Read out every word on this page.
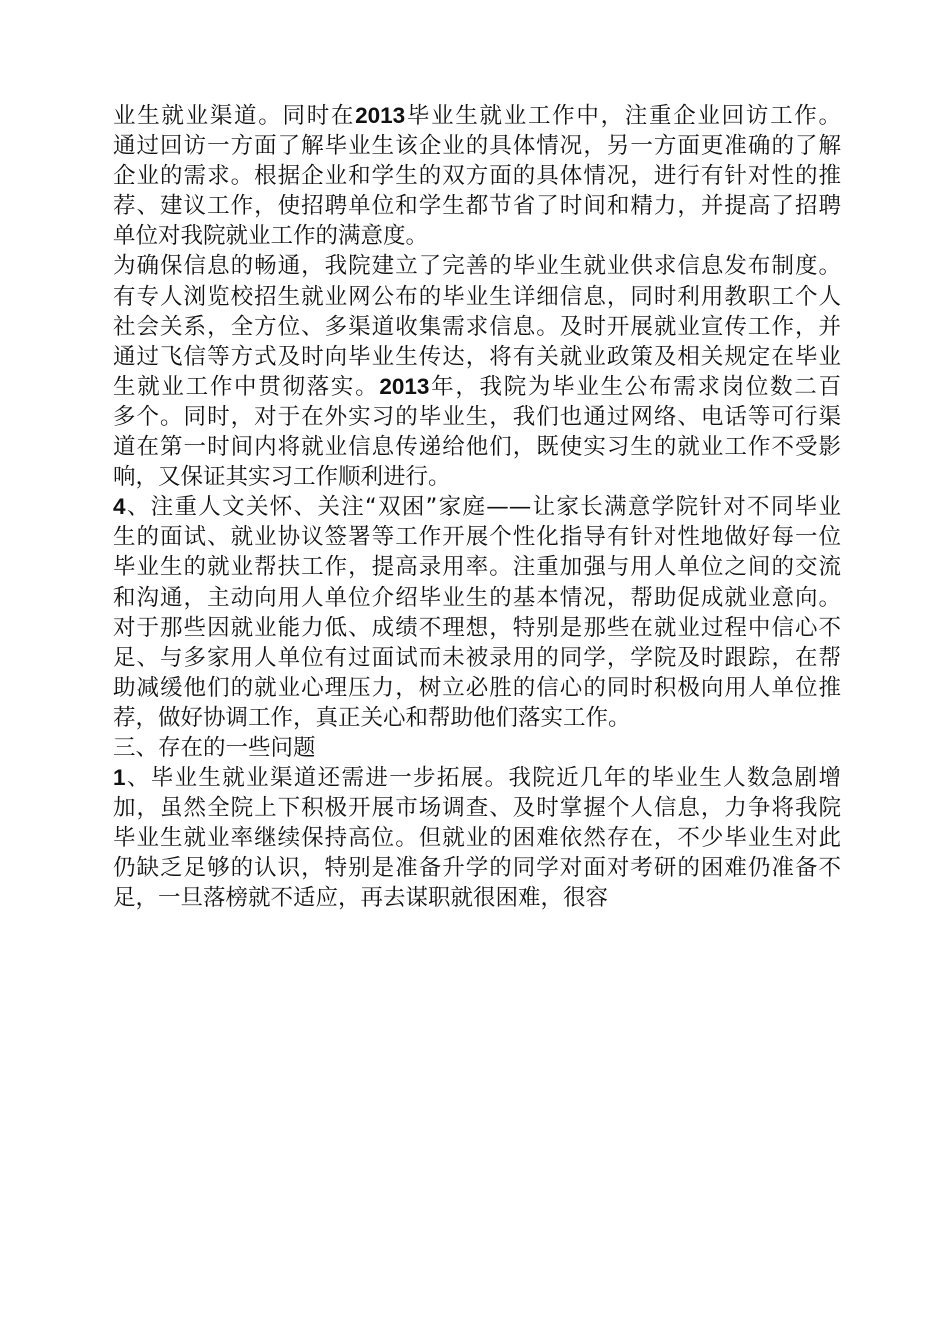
业生就业渠道。同时在2013毕业生就业工作中，注重企业回访工作。
通过回访一方面了解毕业生该企业的具体情况，另一方面更准确的了解
企业的需求。根据企业和学生的双方面的具体情况，进行有针对性的推
荐、建议工作，使招聘单位和学生都节省了时间和精力，并提高了招聘
单位对我院就业工作的满意度。
为确保信息的畅通，我院建立了完善的毕业生就业供求信息发布制度。
有专人浏览校招生就业网公布的毕业生详细信息，同时利用教职工个人
社会关系，全方位、多渠道收集需求信息。及时开展就业宣传工作，并
通过飞信等方式及时向毕业生传达，将有关就业政策及相关规定在毕业
生就业工作中贯彻落实。2013年，我院为毕业生公布需求岗位数二百
多个。同时，对于在外实习的毕业生，我们也通过网络、电话等可行渠
道在第一时间内将就业信息传递给他们，既使实习生的就业工作不受影
响，又保证其实习工作顺利进行。
4、注重人文关怀、关注“双困”家庭——让家长满意学院针对不同毕业
生的面试、就业协议签署等工作开展个性化指导有针对性地做好每一位
毕业生的就业帮扶工作，提高录用率。注重加强与用人单位之间的交流
和沟通，主动向用人单位介绍毕业生的基本情况，帮助促成就业意向。
对于那些因就业能力低、成绩不理想，特别是那些在就业过程中信心不
足、与多家用人单位有过面试而未被录用的同学，学院及时跟踪，在帮
助减缓他们的就业心理压力，树立必胜的信心的同时积极向用人单位推
荐，做好协调工作，真正关心和帮助他们落实工作。
三、存在的一些问题
1、毕业生就业渠道还需进一步拓展。我院近几年的毕业生人数急剧增
加，虽然全院上下积极开展市场调查、及时掌握个人信息，力争将我院
毕业生就业率继续保持高位。但就业的困难依然存在，不少毕业生对此
仍缺乏足够的认识，特别是准备升学的同学对面对考研的困难仍准备不
足，一旦落榜就不适应，再去谋职就很困难，很容
